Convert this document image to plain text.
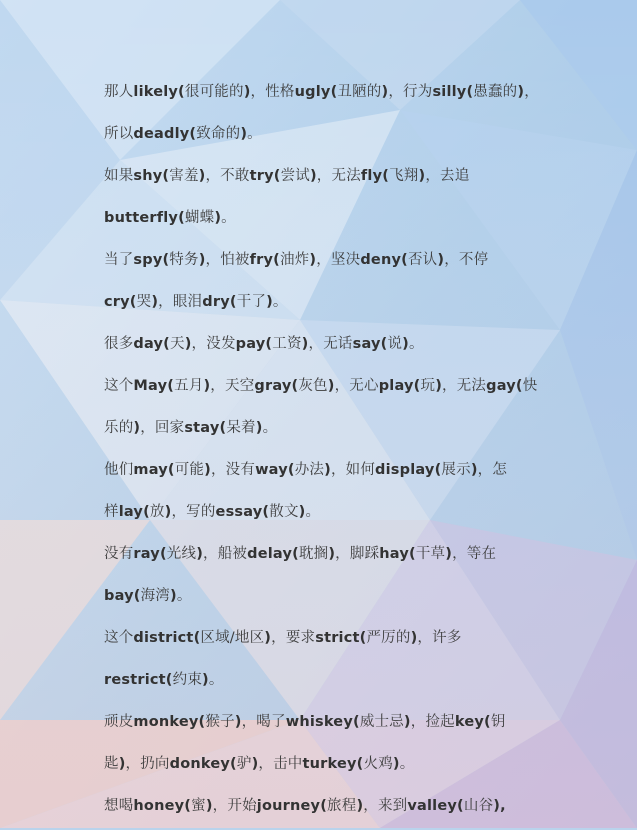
那人likely(很可能的)，性格ugly(丑陋的)，行为silly(愚蠢的)，
所以deadly(致命的)。
如果shy(害羞)，不敢try(尝试)，无法fly(飞翔)，去追
butterfly(蝴蝶)。
当了spy(特务)，怕被fry(油炸)，坚决deny(否认)，不停
cry(哭)，眼泪dry(干了)。
很多day(天)，没发pay(工资)，无话say(说)。
这个May(五月)，天空gray(灰色)，无心play(玩)，无法gay(快
乐的)，回家stay(呆着)。
他们may(可能)，没有way(办法)，如何display(展示)，怎
样lay(放)，写的essay(散文)。
没有ray(光线)，船被delay(耽搁)，脚踩hay(干草)，等在
bay(海湾)。
这个district(区域/地区)，要求strict(严厉的)，许多
restrict(约束)。
顽皮monkey(猴子)，喝了whiskey(威士忌)，捡起key(钥
匙)，扔向donkey(驴)，击中turkey(火鸡)。
想喝honey(蜜)，开始journey(旅程)，来到valley(山谷),
